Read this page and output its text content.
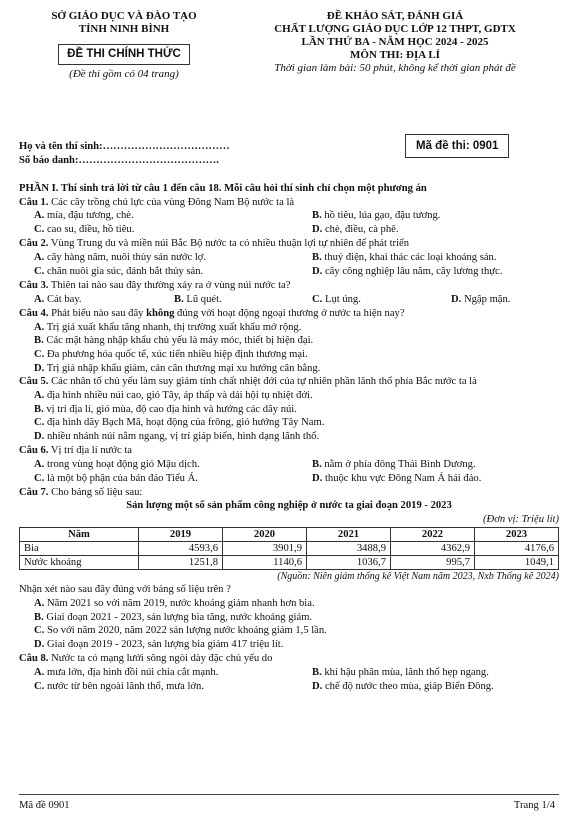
SỞ GIÁO DỤC VÀ ĐÀO TẠO
TỈNH NINH BÌNH
ĐỀ THI CHÍNH THỨC
(Đề thi gồm có 04 trang)
ĐỀ KHẢO SÁT, ĐÁNH GIÁ
CHẤT LƯỢNG GIÁO DỤC LỚP 12 THPT, GDTX
LẦN THỨ BA - NĂM HỌC 2024 - 2025
MÔN THI: ĐỊA LÍ
Thời gian làm bài: 50 phút, không kể thời gian phát đề
Họ và tên thí sinh:………………………………
Số báo danh:………………………………….
Mã đề thi: 0901
PHẦN I. Thí sinh trả lời từ câu 1 đến câu 18. Mỗi câu hỏi thí sinh chỉ chọn một phương án
Câu 1. Các cây trồng chủ lực của vùng Đông Nam Bộ nước ta là
A. mía, đậu tương, chè.	B. hồ tiêu, lúa gạo, đậu tương.
C. cao su, điều, hồ tiêu.	D. chè, điều, cà phê.
Câu 2. Vùng Trung du và miền núi Bắc Bộ nước ta có nhiều thuận lợi tự nhiên để phát triển
A. cây hàng năm, nuôi thủy sản nước lợ.	B. thuỷ điện, khai thác các loại khoáng sản.
C. chăn nuôi gia súc, đánh bắt thủy sản.	D. cây công nghiệp lâu năm, cây lương thực.
Câu 3. Thiên tai nào sau đây thường xảy ra ở vùng núi nước ta?
A. Cát bay.	B. Lũ quét.	C. Lụt úng.	D. Ngập mặn.
Câu 4. Phát biểu nào sau đây không đúng với hoạt động ngoại thương ở nước ta hiện nay?
A. Trị giá xuất khẩu tăng nhanh, thị trường xuất khẩu mở rộng.
B. Các mặt hàng nhập khẩu chủ yếu là máy móc, thiết bị hiện đại.
C. Đa phương hóa quốc tế, xúc tiến nhiều hiệp định thương mại.
D. Trị giá nhập khẩu giảm, cán cân thương mại xu hướng cân bằng.
Câu 5. Các nhân tố chủ yếu làm suy giảm tính chất nhiệt đới của tự nhiên phần lãnh thổ phía Bắc nước ta là
A. địa hình nhiều núi cao, gió Tây, áp thấp và dải hội tụ nhiệt đới.
B. vị trí địa lí, gió mùa, độ cao địa hình và hướng các dãy núi.
C. địa hình dãy Bạch Mã, hoạt động của frông, gió hướng Tây Nam.
D. nhiều nhánh núi nằm ngang, vị trí giáp biển, hình dạng lãnh thổ.
Câu 6. Vị trí địa lí nước ta
A. trong vùng hoạt động gió Mậu dịch.	B. nằm ở phía đông Thái Bình Dương.
C. là một bộ phận của bán đảo Tiểu Á.	D. thuộc khu vực Đông Nam Á hải đảo.
Câu 7. Cho bảng số liệu sau:
Sản lượng một số sản phẩm công nghiệp ở nước ta giai đoạn 2019 - 2023
(Đơn vị: Triệu lít)
Năm	2019	2020	2021	2022	2023
Bia	4593,6	3901,9	3488,9	4362,9	4176,6
Nước khoáng	1251,8	1140,6	1036,7	995,7	1049,1
(Nguồn: Niên giám thống kê Việt Nam năm 2023, Nxb Thống kê 2024)
Nhận xét nào sau đây đúng với bảng số liệu trên ?
A. Năm 2021 so với năm 2019, nước khoáng giảm nhanh hơn bia.
B. Giai đoạn 2021 - 2023, sản lượng bia tăng, nước khoáng giảm.
C. So với năm 2020, năm 2022 sản lượng nước khoáng giảm 1,5 lần.
D. Giai đoạn 2019 - 2023, sản lượng bia giảm 417 triệu lít.
Câu 8. Nước ta có mạng lưới sông ngòi dày đặc chủ yếu do
A. mưa lớn, địa hình đồi núi chia cắt mạnh.	B. khí hậu phân mùa, lãnh thổ hẹp ngang.
C. nước từ bên ngoài lãnh thổ, mưa lớn.	D. chế độ nước theo mùa, giáp Biển Đông.
Mã đề 0901	Trang 1/4
